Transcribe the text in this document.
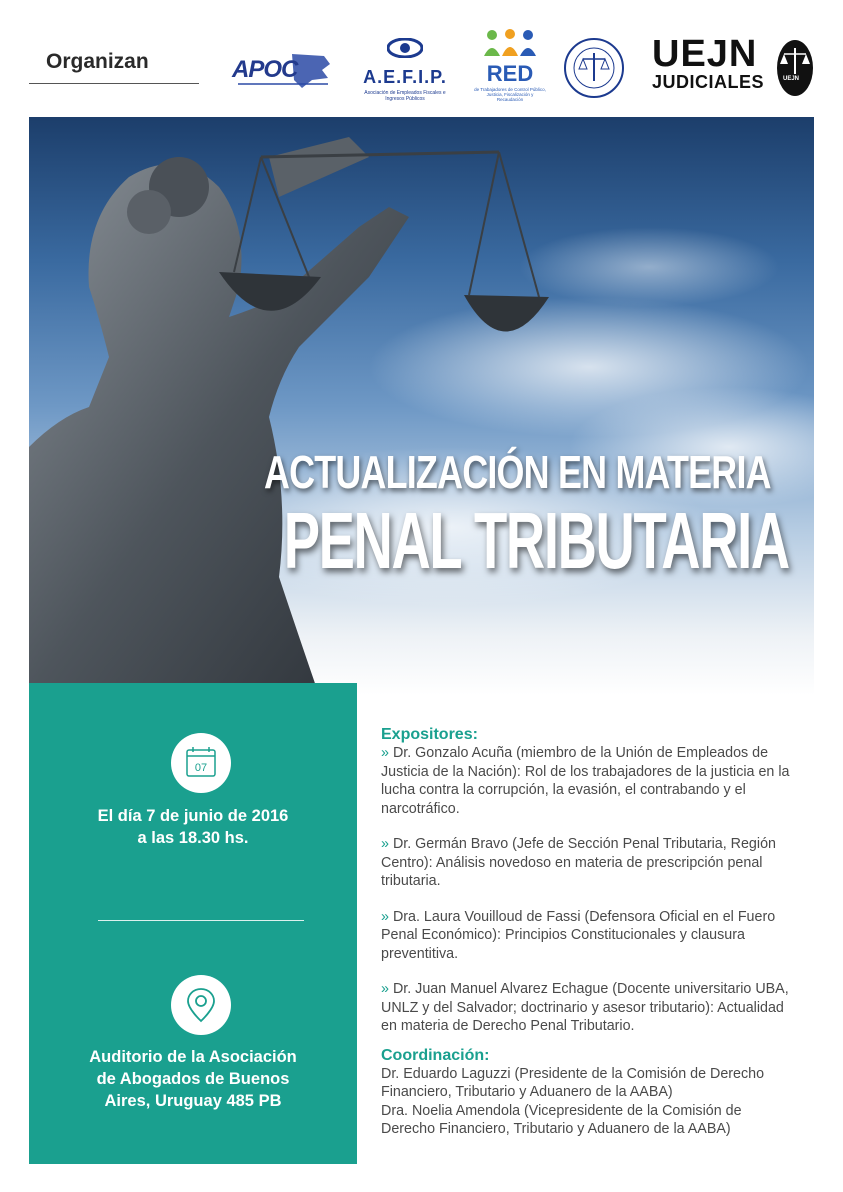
Organizan	APOC	A.E.F.I.P.
Asociación de Empleados Fiscales e Ingresos Públicos
RED
de Trabajadores de Control Público, Justicia, Fiscalización y Recaudación
UEJN
JUDICIALES	UEJN
ACTUALIZACIÓN EN MATERIA
PENAL TRIBUTARIA
07
El día 7 de junio de 2016
a las 18.30 hs.
Auditorio de la Asociación
de Abogados de Buenos
Aires, Uruguay 485 PB
Expositores:
» Dr. Gonzalo Acuña (miembro de la Unión de Empleados de Justicia de la Nación): Rol de los trabajadores de la justicia en la lucha contra la corrupción, la evasión, el contrabando y el narcotráfico.
» Dr. Germán Bravo (Jefe de Sección Penal Tributaria, Región Centro): Análisis novedoso en materia de prescripción penal tributaria.
» Dra. Laura Vouilloud de Fassi (Defensora Oficial en el Fuero Penal Económico): Principios Constitucionales y clausura preventitiva.
» Dr. Juan Manuel Alvarez Echague (Docente universitario UBA, UNLZ y del Salvador; doctrinario y asesor tributario): Actualidad en materia de Derecho Penal Tributario.
Coordinación:
Dr. Eduardo Laguzzi (Presidente de la Comisión de Derecho Financiero, Tributario y Aduanero de la AABA)
Dra. Noelia Amendola (Vicepresidente de la Comisión de Derecho Financiero, Tributario y Aduanero de la AABA)
